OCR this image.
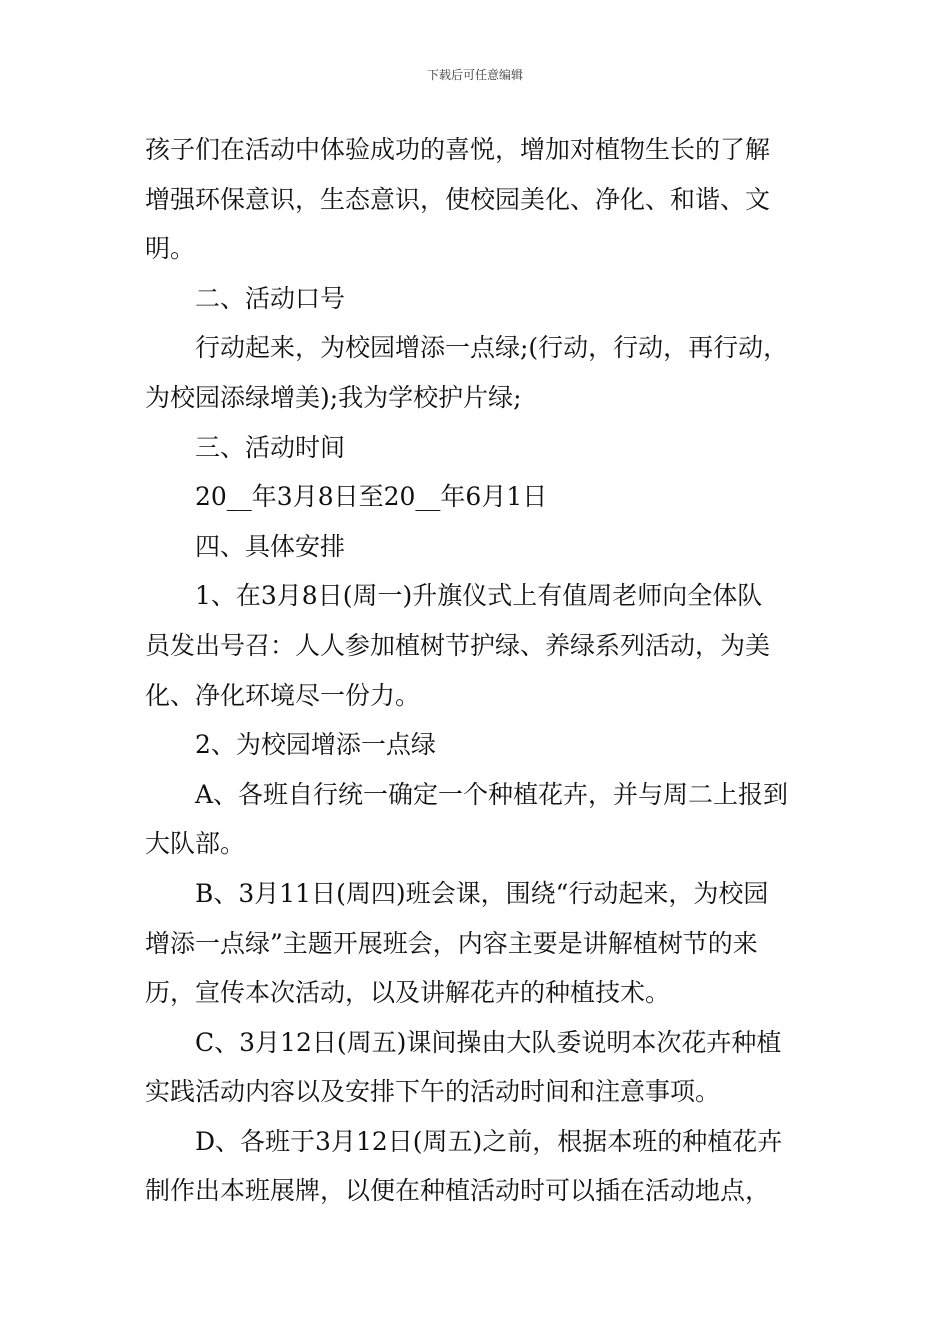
下载后可任意编辑
孩子们在活动中体验成功的喜悦，增加对植物生长的了解
增强环保意识，生态意识，使校园美化、净化、和谐、文
明。
二、活动口号
行动起来，为校园增添一点绿;(行动，行动，再行动，
为校园添绿增美);我为学校护片绿;
三、活动时间
20__年3月8日至20__年6月1日
四、具体安排
1、在3月8日(周一)升旗仪式上有值周老师向全体队
员发出号召：人人参加植树节护绿、养绿系列活动，为美
化、净化环境尽一份力。
2、为校园增添一点绿
A、各班自行统一确定一个种植花卉，并与周二上报到
大队部。
B、3月11日(周四)班会课，围绕“行动起来，为校园
增添一点绿”主题开展班会，内容主要是讲解植树节的来
历，宣传本次活动，以及讲解花卉的种植技术。
C、3月12日(周五)课间操由大队委说明本次花卉种植
实践活动内容以及安排下午的活动时间和注意事项。
D、各班于3月12日(周五)之前，根据本班的种植花卉
制作出本班展牌，以便在种植活动时可以插在活动地点，
